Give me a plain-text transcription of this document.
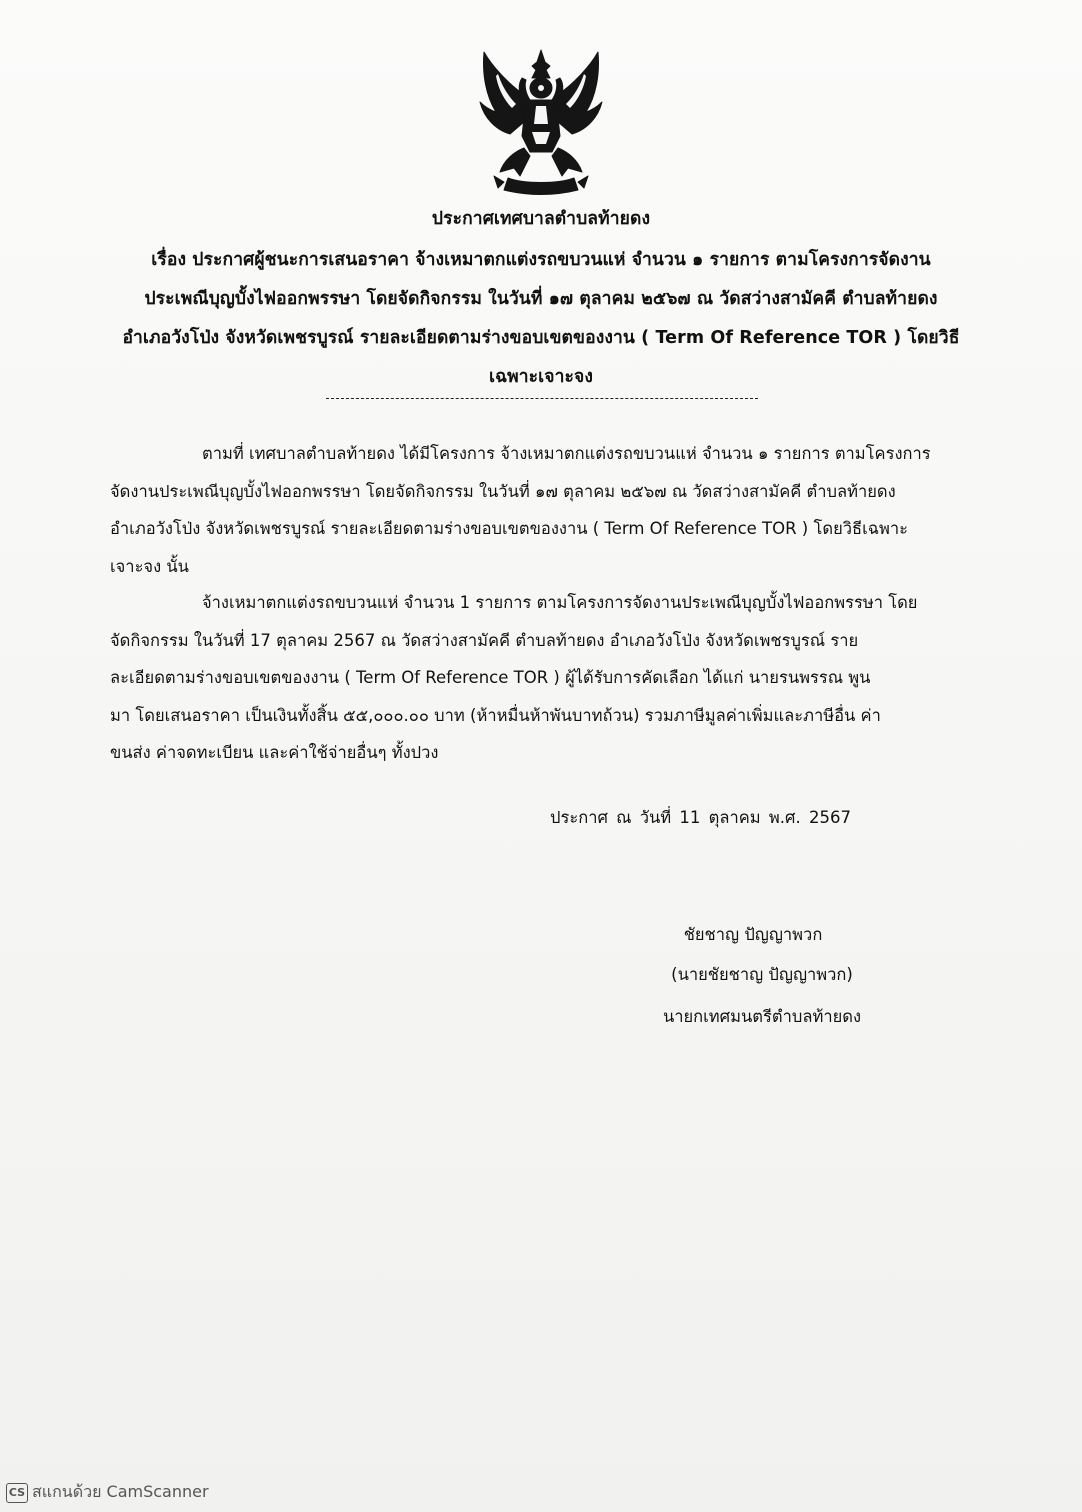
ประกาศเทศบาลตำบลท้ายดง
เรื่อง ประกาศผู้ชนะการเสนอราคา จ้างเหมาตกแต่งรถขบวนแห่ จำนวน ๑ รายการ ตามโครงการจัดงาน
ประเพณีบุญบั้งไฟออกพรรษา โดยจัดกิจกรรม ในวันที่ ๑๗ ตุลาคม ๒๕๖๗ ณ วัดสว่างสามัคคี ตำบลท้ายดง
อำเภอวังโป่ง จังหวัดเพชรบูรณ์ รายละเอียดตามร่างขอบเขตของงาน ( Term Of Reference TOR ) โดยวิธี
เฉพาะเจาะจง
ตามที่ เทศบาลตำบลท้ายดง ได้มีโครงการ จ้างเหมาตกแต่งรถขบวนแห่ จำนวน ๑ รายการ ตามโครงการ
จัดงานประเพณีบุญบั้งไฟออกพรรษา โดยจัดกิจกรรม ในวันที่ ๑๗ ตุลาคม ๒๕๖๗ ณ วัดสว่างสามัคคี ตำบลท้ายดง
อำเภอวังโป่ง จังหวัดเพชรบูรณ์ รายละเอียดตามร่างขอบเขตของงาน ( Term Of Reference TOR ) โดยวิธีเฉพาะ
เจาะจง นั้น
จ้างเหมาตกแต่งรถขบวนแห่ จำนวน 1 รายการ ตามโครงการจัดงานประเพณีบุญบั้งไฟออกพรรษา โดย
จัดกิจกรรม ในวันที่ 17 ตุลาคม 2567 ณ วัดสว่างสามัคคี ตำบลท้ายดง อำเภอวังโป่ง จังหวัดเพชรบูรณ์ ราย
ละเอียดตามร่างขอบเขตของงาน ( Term Of Reference TOR ) ผู้ได้รับการคัดเลือก ได้แก่ นายรนพรรณ พูน
มา โดยเสนอราคา เป็นเงินทั้งสิ้น ๕๕,๐๐๐.๐๐ บาท (ห้าหมื่นห้าพันบาทถ้วน) รวมภาษีมูลค่าเพิ่มและภาษีอื่น ค่า
ขนส่ง ค่าจดทะเบียน และค่าใช้จ่ายอื่นๆ ทั้งปวง
ประกาศ ณ วันที่ 11 ตุลาคม พ.ศ. 2567
ชัยชาญ ปัญญาพวก
(นายชัยชาญ ปัญญาพวก)
นายกเทศมนตรีตำบลท้ายดง
CS สแกนด้วย CamScanner
